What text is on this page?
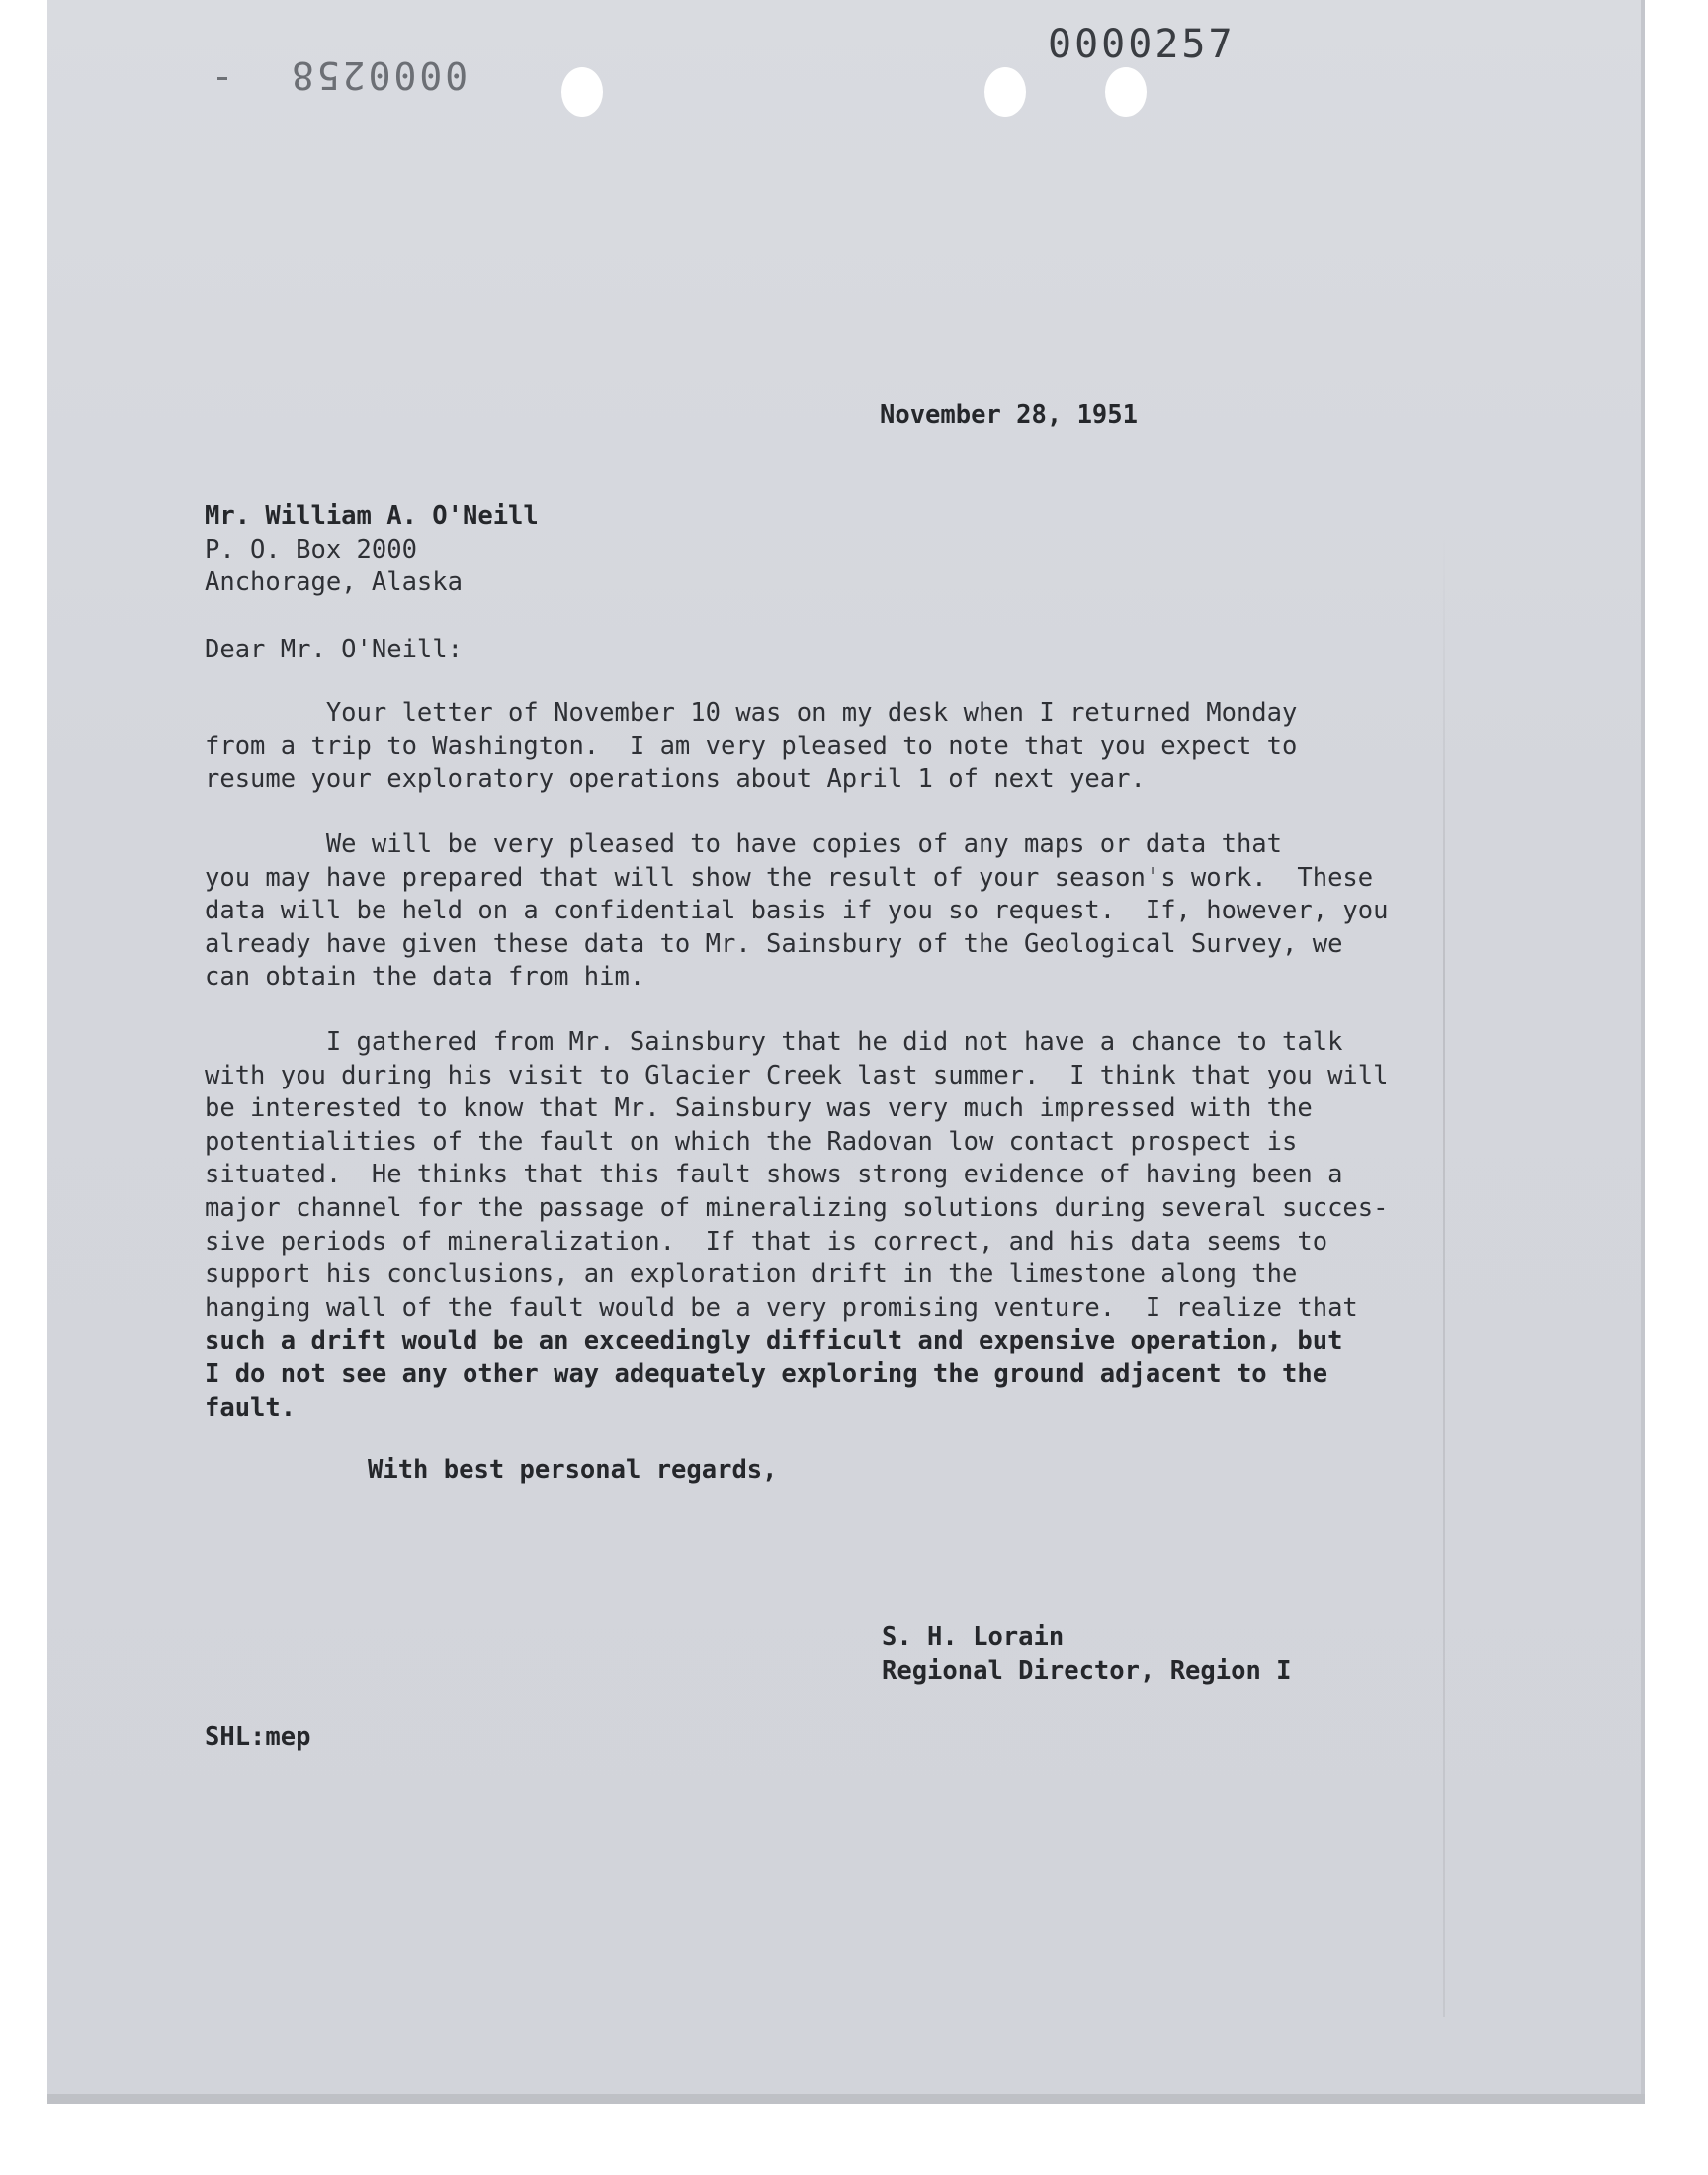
0000257
0000258
November 28, 1951
Mr. William A. O'Neill
P. O. Box 2000
Anchorage, Alaska
Dear Mr. O'Neill:
Your letter of November 10 was on my desk when I returned Monday
from a trip to Washington.  I am very pleased to note that you expect to
resume your exploratory operations about April 1 of next year.
We will be very pleased to have copies of any maps or data that
you may have prepared that will show the result of your season's work.  These
data will be held on a confidential basis if you so request.  If, however, you
already have given these data to Mr. Sainsbury of the Geological Survey, we
can obtain the data from him.
I gathered from Mr. Sainsbury that he did not have a chance to talk
with you during his visit to Glacier Creek last summer.  I think that you will
be interested to know that Mr. Sainsbury was very much impressed with the
potentialities of the fault on which the Radovan low contact prospect is
situated.  He thinks that this fault shows strong evidence of having been a
major channel for the passage of mineralizing solutions during several succes-
sive periods of mineralization.  If that is correct, and his data seems to
support his conclusions, an exploration drift in the limestone along the
hanging wall of the fault would be a very promising venture.  I realize that
such a drift would be an exceedingly difficult and expensive operation, but
I do not see any other way adequately exploring the ground adjacent to the
fault.
With best personal regards,
S. H. Lorain
Regional Director, Region I
SHL:mep
